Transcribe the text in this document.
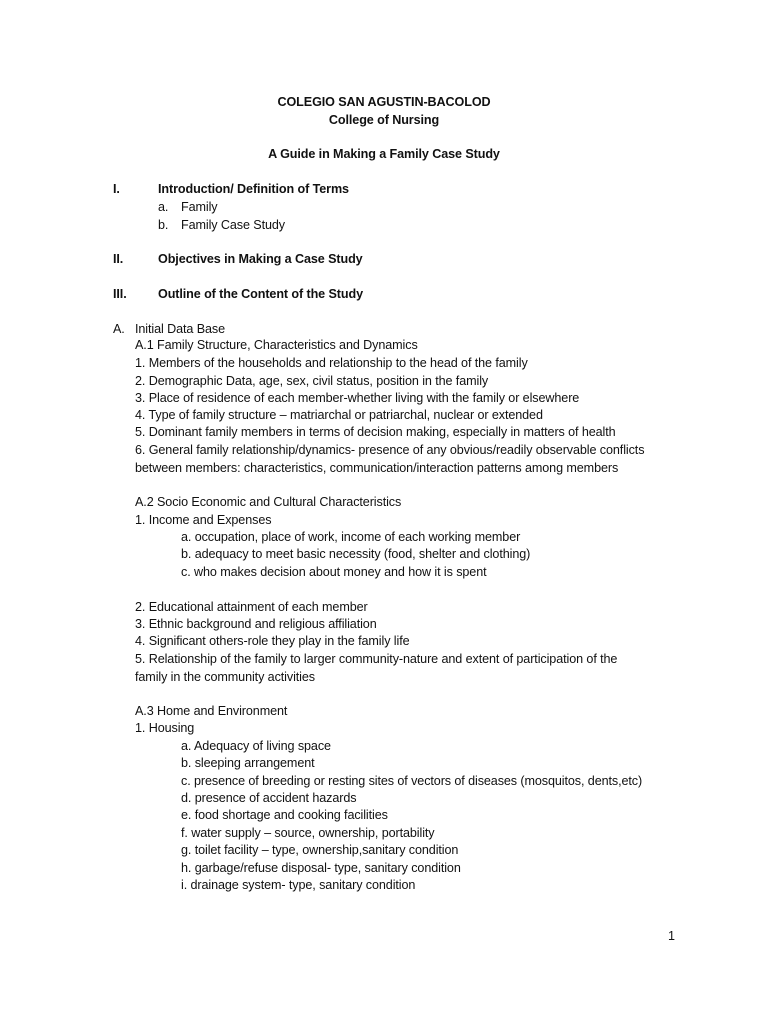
COLEGIO SAN AGUSTIN-BACOLOD
College of Nursing
A Guide in Making a Family Case Study
I.	Introduction/ Definition of Terms
a. Family
b. Family Case Study
II.	Objectives in Making a Case Study
III. Outline of the Content of the Study
A. Initial Data Base
A.1 Family Structure, Characteristics and Dynamics
1. Members of the households and relationship to the head of the family
2. Demographic Data, age, sex, civil status, position in the family
3. Place of residence of each member-whether living with the family or elsewhere
4. Type of family structure – matriarchal or patriarchal, nuclear or extended
5. Dominant family members in terms of decision making, especially in matters of health
6. General family relationship/dynamics- presence of any obvious/readily observable conflicts
between members: characteristics, communication/interaction patterns among members
A.2 Socio Economic and Cultural Characteristics
1. Income and Expenses
a. occupation, place of work, income of each working member
b. adequacy to meet basic necessity (food, shelter and clothing)
c. who makes decision about money and how it is spent
2. Educational attainment of each member
3. Ethnic background and religious affiliation
4. Significant others-role they play in the family life
5. Relationship of the family to larger community-nature and extent of participation of the
family in the community activities
A.3 Home and Environment
1. Housing
a. Adequacy of living space
b. sleeping arrangement
c. presence of breeding or resting sites of vectors of diseases (mosquitos, dents,etc)
d. presence of accident hazards
e. food shortage and cooking facilities
f. water supply – source, ownership, portability
g. toilet facility – type, ownership,sanitary condition
h. garbage/refuse disposal- type, sanitary condition
i. drainage system- type, sanitary condition
1
